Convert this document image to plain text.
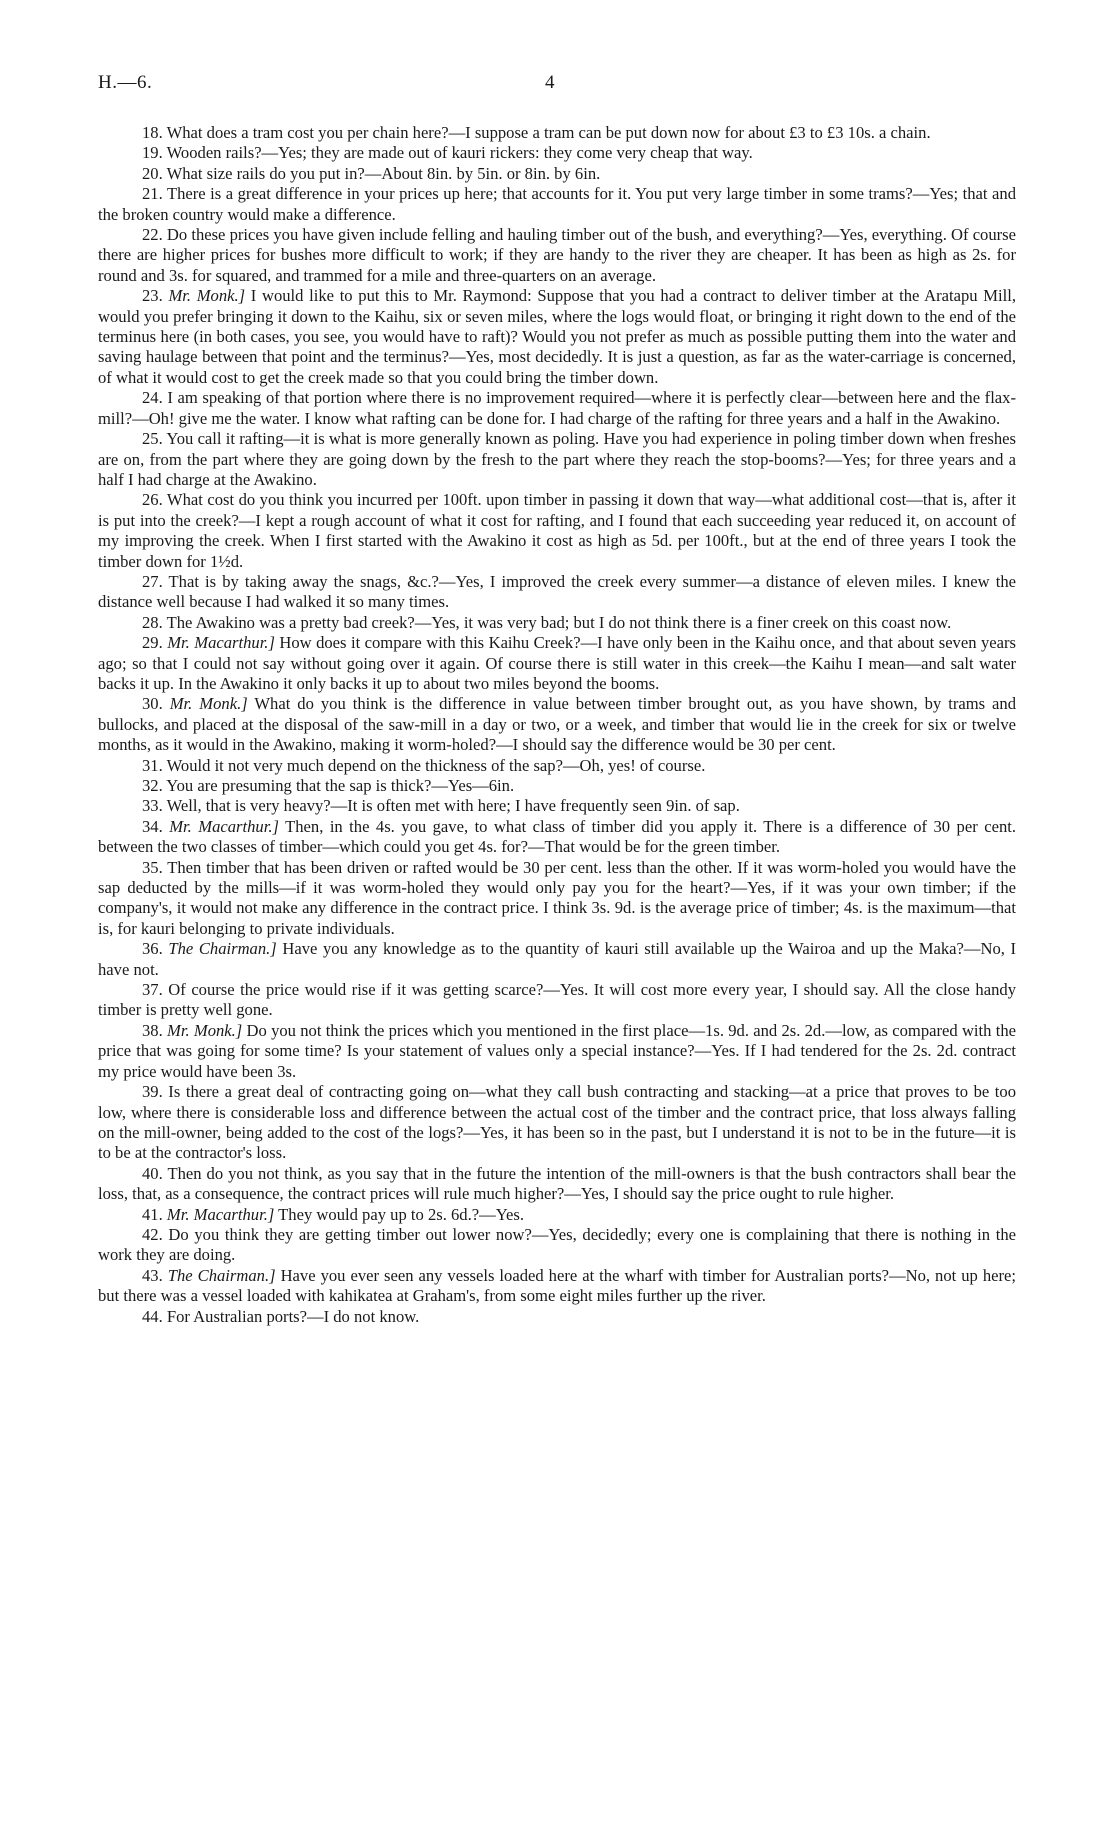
H.—6.	4

18. What does a tram cost you per chain here?—I suppose a tram can be put down now for about £3 to £3 10s. a chain.

19. Wooden rails?—Yes; they are made out of kauri rickers: they come very cheap that way.

20. What size rails do you put in?—About 8in. by 5in. or 8in. by 6in.

21. There is a great difference in your prices up here; that accounts for it. You put very large timber in some trams?—Yes; that and the broken country would make a difference.

22. Do these prices you have given include felling and hauling timber out of the bush, and everything?—Yes, everything. Of course there are higher prices for bushes more difficult to work; if they are handy to the river they are cheaper. It has been as high as 2s. for round and 3s. for squared, and trammed for a mile and three-quarters on an average.

23. Mr. Monk.] I would like to put this to Mr. Raymond: Suppose that you had a contract to deliver timber at the Aratapu Mill, would you prefer bringing it down to the Kaihu, six or seven miles, where the logs would float, or bringing it right down to the end of the terminus here (in both cases, you see, you would have to raft)? Would you not prefer as much as possible putting them into the water and saving haulage between that point and the terminus?—Yes, most decidedly. It is just a question, as far as the water-carriage is concerned, of what it would cost to get the creek made so that you could bring the timber down.

24. I am speaking of that portion where there is no improvement required—where it is perfectly clear—between here and the flax-mill?—Oh! give me the water. I know what rafting can be done for. I had charge of the rafting for three years and a half in the Awakino.

25. You call it rafting—it is what is more generally known as poling. Have you had experience in poling timber down when freshes are on, from the part where they are going down by the fresh to the part where they reach the stop-booms?—Yes; for three years and a half I had charge at the Awakino.

26. What cost do you think you incurred per 100ft. upon timber in passing it down that way—what additional cost—that is, after it is put into the creek?—I kept a rough account of what it cost for rafting, and I found that each succeeding year reduced it, on account of my improving the creek. When I first started with the Awakino it cost as high as 5d. per 100ft., but at the end of three years I took the timber down for 1½d.

27. That is by taking away the snags, &c.?—Yes, I improved the creek every summer—a distance of eleven miles. I knew the distance well because I had walked it so many times.

28. The Awakino was a pretty bad creek?—Yes, it was very bad; but I do not think there is a finer creek on this coast now.

29. Mr. Macarthur.] How does it compare with this Kaihu Creek?—I have only been in the Kaihu once, and that about seven years ago; so that I could not say without going over it again. Of course there is still water in this creek—the Kaihu I mean—and salt water backs it up. In the Awakino it only backs it up to about two miles beyond the booms.

30. Mr. Monk.] What do you think is the difference in value between timber brought out, as you have shown, by trams and bullocks, and placed at the disposal of the saw-mill in a day or two, or a week, and timber that would lie in the creek for six or twelve months, as it would in the Awakino, making it worm-holed?—I should say the difference would be 30 per cent.

31. Would it not very much depend on the thickness of the sap?—Oh, yes! of course.

32. You are presuming that the sap is thick?—Yes—6in.

33. Well, that is very heavy?—It is often met with here; I have frequently seen 9in. of sap.

34. Mr. Macarthur.] Then, in the 4s. you gave, to what class of timber did you apply it. There is a difference of 30 per cent. between the two classes of timber—which could you get 4s. for?—That would be for the green timber.

35. Then timber that has been driven or rafted would be 30 per cent. less than the other. If it was worm-holed you would have the sap deducted by the mills—if it was worm-holed they would only pay you for the heart?—Yes, if it was your own timber; if the company's, it would not make any difference in the contract price. I think 3s. 9d. is the average price of timber; 4s. is the maximum—that is, for kauri belonging to private individuals.

36. The Chairman.] Have you any knowledge as to the quantity of kauri still available up the Wairoa and up the Maka?—No, I have not.

37. Of course the price would rise if it was getting scarce?—Yes. It will cost more every year, I should say. All the close handy timber is pretty well gone.

38. Mr. Monk.] Do you not think the prices which you mentioned in the first place—1s. 9d. and 2s. 2d.—low, as compared with the price that was going for some time? Is your statement of values only a special instance?—Yes. If I had tendered for the 2s. 2d. contract my price would have been 3s.

39. Is there a great deal of contracting going on—what they call bush contracting and stacking—at a price that proves to be too low, where there is considerable loss and difference between the actual cost of the timber and the contract price, that loss always falling on the mill-owner, being added to the cost of the logs?—Yes, it has been so in the past, but I understand it is not to be in the future—it is to be at the contractor's loss.

40. Then do you not think, as you say that in the future the intention of the mill-owners is that the bush contractors shall bear the loss, that, as a consequence, the contract prices will rule much higher?—Yes, I should say the price ought to rule higher.

41. Mr. Macarthur.] They would pay up to 2s. 6d.?—Yes.

42. Do you think they are getting timber out lower now?—Yes, decidedly; every one is complaining that there is nothing in the work they are doing.

43. The Chairman.] Have you ever seen any vessels loaded here at the wharf with timber for Australian ports?—No, not up here; but there was a vessel loaded with kahikatea at Graham's, from some eight miles further up the river.

44. For Australian ports?—I do not know.
